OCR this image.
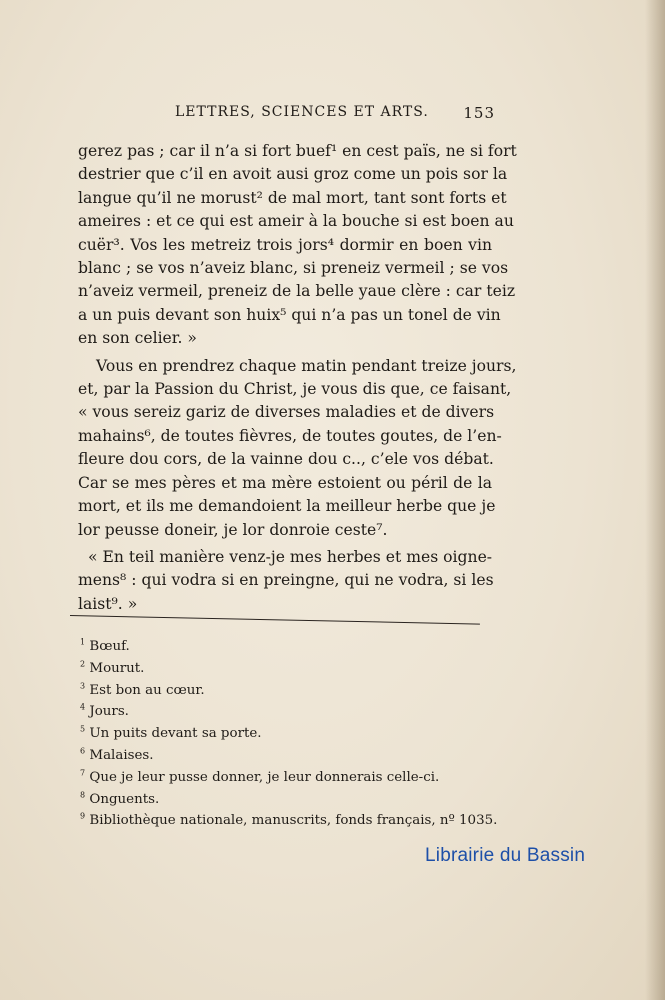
LETTRES, SCIENCES ET ARTS. 153
gerez pas ; car il n’a si fort buef¹ en cest païs, ne si fort
destrier que c’il en avoit ausi groz come un pois sor la
langue qu’il ne morust² de mal mort, tant sont forts et
ameires : et ce qui est ameir à la bouche si est boen au
cuër³. Vos les metreiz trois jors⁴ dormir en boen vin
blanc ; se vos n’aveiz blanc, si preneiz vermeil ; se vos
n’aveiz vermeil, preneiz de la belle yaue clère : car teiz
a un puis devant son huix⁵ qui n’a pas un tonel de vin
en son celier. »
Vous en prendrez chaque matin pendant treize jours,
et, par la Passion du Christ, je vous dis que, ce faisant,
« vous sereiz gariz de diverses maladies et de divers
mahains⁶, de toutes fièvres, de toutes goutes, de l’en-
fleure dou cors, de la vainne dou c.., c’ele vos débat.
Car se mes pères et ma mère estoient ou péril de la
mort, et ils me demandoient la meilleur herbe que je
lor peusse doneir, je lor donroie ceste⁷.
« En teil manière venz-je mes herbes et mes oigne-
mens⁸ : qui vodra si en preingne, qui ne vodra, si les
laist⁹. »
$^1$ Bœuf.
$^2$ Mourut.
$^3$ Est bon au cœur.
$^4$ Jours.
$^5$ Un puits devant sa porte.
$^6$ Malaises.
$^7$ Que je leur pusse donner, je leur donnerais celle-ci.
$^8$ Onguents.
$^9$ Bibliothèque nationale, manuscrits, fonds français, nº 1035.
Librairie du Bassin
